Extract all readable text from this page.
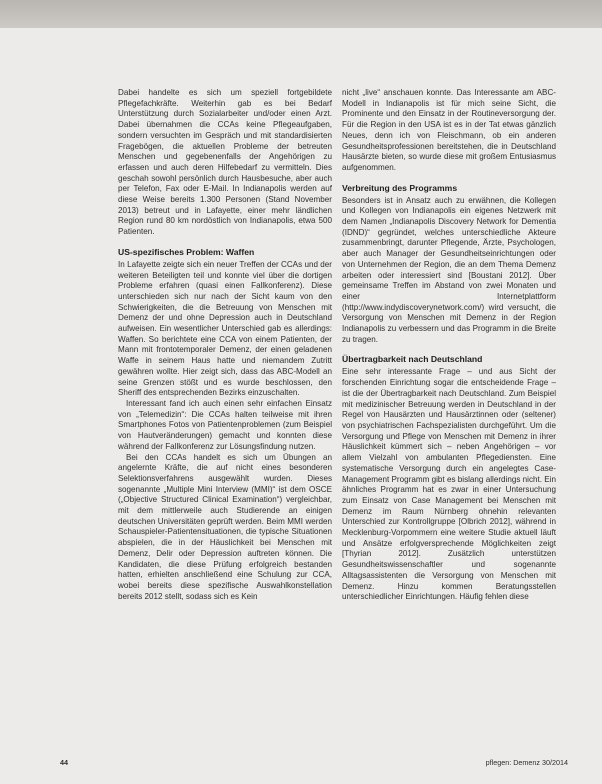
Dabei handelte es sich um speziell fortgebildete Pflegefachkräfte. Weiterhin gab es bei Bedarf Unterstützung durch Sozialarbeiter und/oder einen Arzt. Dabei übernahmen die CCAs keine Pflegeaufgaben, sondern versuchten im Gespräch und mit standardisierten Fragebögen, die aktuellen Probleme der betreuten Menschen und gegebenenfalls der Angehörigen zu erfassen und auch deren Hilfebedarf zu vermitteln. Dies geschah sowohl persönlich durch Hausbesuche, aber auch per Telefon, Fax oder E-Mail. In Indianapolis werden auf diese Weise bereits 1.300 Personen (Stand November 2013) betreut und in Lafayette, einer mehr ländlichen Region rund 80 km nordöstlich von Indianapolis, etwa 500 Patienten.

US-spezifisches Problem: Waffen

In Lafayette zeigte sich ein neuer Treffen der CCAs und der weiteren Beteiligten teil und konnte viel über die dortigen Probleme erfahren (quasi einen Fallkonferenz). Diese unterschieden sich nur nach der Sicht kaum von den Schwierigkeiten, die die Betreuung von Menschen mit Demenz der und ohne Depression auch in Deutschland aufweisen. Ein wesentlicher Unterschied gab es allerdings: Waffen. So berichtete eine CCA von einem Patienten, der Mann mit frontotemporaler Demenz, der einen geladenen Waffe in seinem Haus hatte und niemandem Zutritt gewähren wollte. Hier zeigt sich, dass das ABC-Modell an seine Grenzen stößt und es wurde beschlossen, den Sheriff des entsprechenden Bezirks einzuschalten.

Interessant fand ich auch einen sehr einfachen Einsatz von „Telemedizin“: Die CCAs halten teilweise mit ihren Smartphones Fotos von Patientenproblemen (zum Beispiel von Hautveränderungen) gemacht und konnten diese während der Fallkonferenz zur Lösungsfindung nutzen.

Bei den CCAs handelt es sich um Übungen an angelernte Kräfte, die auf nicht eines besonderen Selektionsverfahrens ausgewählt wurden. Dieses sogenannte „Multiple Mini Interview (MMI)“ ist dem OSCE („Objective Structured Clinical Examination“) vergleichbar, mit dem mittlerweile auch Studierende an einigen deutschen Universitäten geprüft werden. Beim MMI werden Schauspieler-Patientensituationen, die typische Situationen abspielen, die in der Häuslichkeit bei Menschen mit Demenz, Delir oder Depression auftreten können. Die Kandidaten, die diese Prüfung erfolgreich bestanden hatten, erhielten anschließend eine Schulung zur CCA, wobei bereits diese spezifische Auswahlkonstellation bereits 2012 stellt, sodass sich es Kein

nicht „live“ anschauen konnte. Das Interessante am ABC-Modell in Indianapolis ist für mich seine Sicht, die Prominente und den Einsatz in der Routineversorgung der. Für die Region in den USA ist es in der Tat etwas gänzlich Neues, denn ich von Fleischmann, ob ein anderen Gesundheitsprofessionen bereitstehen, die in Deutschland Hausärzte bieten, so wurde diese mit großem Entusiasmus aufgenommen.

Verbreitung des Programms

Besonders ist in Ansatz auch zu erwähnen, die Kollegen und Kollegen von Indianapolis ein eigenes Netzwerk mit dem Namen „Indianapolis Discovery Network for Dementia (IDND)“ gegründet, welches unterschiedliche Akteure zusammenbringt, darunter Pflegende, Ärzte, Psychologen, aber auch Manager der Gesundheitseinrichtungen oder von Unternehmen der Region, die an dem Thema Demenz arbeiten oder interessiert sind [Boustani 2012]. Über gemeinsame Treffen im Abstand von zwei Monaten und einer Internetplattform (http://www.indydiscoverynetwork.com/) wird versucht, die Versorgung von Menschen mit Demenz in der Region Indianapolis zu verbessern und das Programm in die Breite zu tragen.

Übertragbarkeit nach Deutschland

Eine sehr interessante Frage – und aus Sicht der forschenden Einrichtung sogar die entscheidende Frage – ist die der Übertragbarkeit nach Deutschland. Zum Beispiel mit medizinischer Betreuung werden in Deutschland in der Regel von Hausärzten und Hausärztinnen oder (seltener) von psychiatrischen Fachspezialisten durchgeführt. Um die Versorgung und Pflege von Menschen mit Demenz in ihrer Häuslichkeit kümmert sich – neben Angehörigen – vor allem Vielzahl von ambulanten Pflegediensten. Eine systematische Versorgung durch ein angelegtes Case-Management Programm gibt es bislang allerdings nicht. Ein ähnliches Programm hat es zwar in einer Untersuchung zum Einsatz von Case Management bei Menschen mit Demenz im Raum Nürnberg ohnehin relevanten Unterschied zur Kontrollgruppe [Olbrich 2012], während in Mecklenburg-Vorpommern eine weitere Studie aktuell läuft und Ansätze erfolgversprechende Möglichkeiten zeigt [Thyrian 2012]. Zusätzlich unterstützen Gesundheitswissenschaftler und sogenannte Alltagsassistenten die Versorgung von Menschen mit Demenz. Hinzu kommen Beratungsstellen unterschiedlicher Einrichtungen. Häufig fehlen diese

44	pflegen: Demenz 30/2014
